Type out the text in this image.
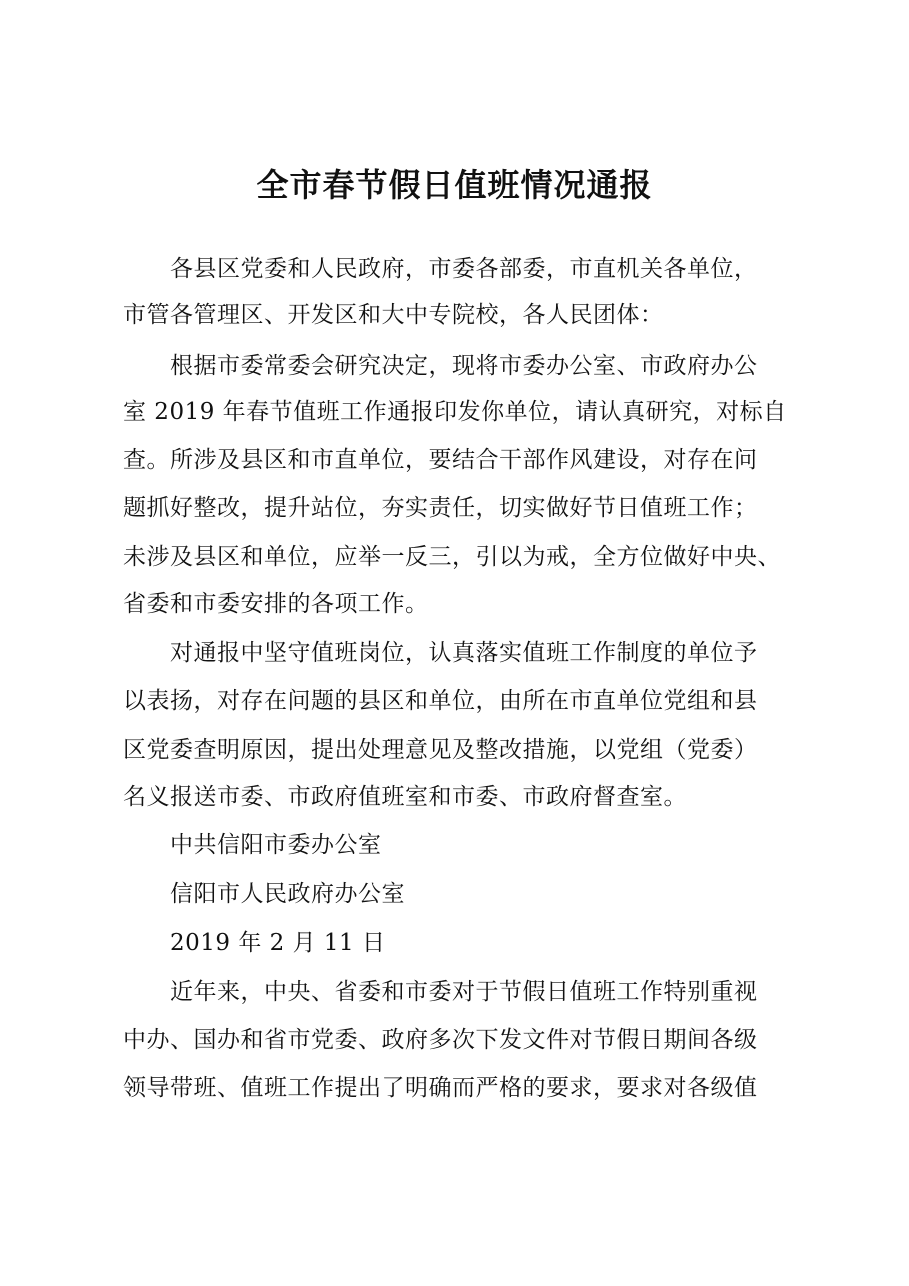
全市春节假日值班情况通报
各县区党委和人民政府，市委各部委，市直机关各单位，
市管各管理区、开发区和大中专院校，各人民团体：
根据市委常委会研究决定，现将市委办公室、市政府办公
室 2019 年春节值班工作通报印发你单位，请认真研究，对标自
查。所涉及县区和市直单位，要结合干部作风建设，对存在问
题抓好整改，提升站位，夯实责任，切实做好节日值班工作；
未涉及县区和单位，应举一反三，引以为戒，全方位做好中央、
省委和市委安排的各项工作。
对通报中坚守值班岗位，认真落实值班工作制度的单位予
以表扬，对存在问题的县区和单位，由所在市直单位党组和县
区党委查明原因，提出处理意见及整改措施，以党组（党委）
名义报送市委、市政府值班室和市委、市政府督查室。
中共信阳市委办公室
信阳市人民政府办公室
2019 年 2 月 11 日
近年来，中央、省委和市委对于节假日值班工作特别重视
中办、国办和省市党委、政府多次下发文件对节假日期间各级
领导带班、值班工作提出了明确而严格的要求，要求对各级值
